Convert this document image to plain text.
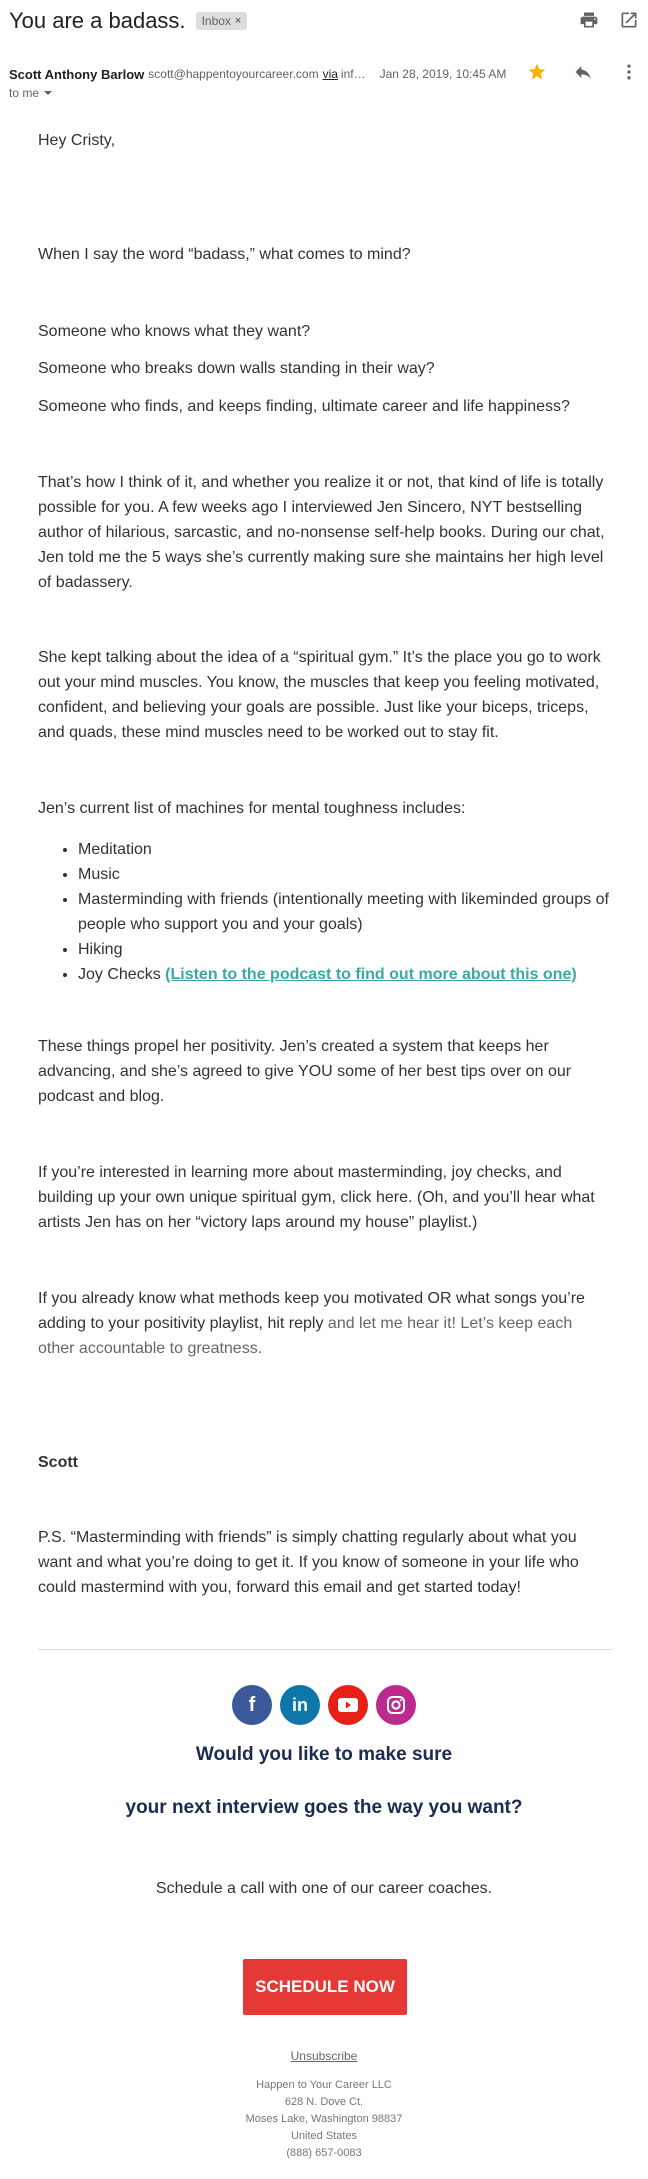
You are a badass. Inbox ×
Scott Anthony Barlow scott@happentoyourcareer.com via inf… Jan 28, 2019, 10:45 AM
to me

Hey Cristy,

When I say the word “badass,” what comes to mind?

Someone who knows what they want?

Someone who breaks down walls standing in their way?

Someone who finds, and keeps finding, ultimate career and life happiness?

That’s how I think of it, and whether you realize it or not, that kind of life is totally possible for you. A few weeks ago I interviewed Jen Sincero, NYT bestselling author of hilarious, sarcastic, and no-nonsense self-help books. During our chat, Jen told me the 5 ways she’s currently making sure she maintains her high level of badassery.

She kept talking about the idea of a “spiritual gym.” It’s the place you go to work out your mind muscles. You know, the muscles that keep you feeling motivated, confident, and believing your goals are possible. Just like your biceps, triceps, and quads, these mind muscles need to be worked out to stay fit.

Jen’s current list of machines for mental toughness includes:

• Meditation
• Music
• Masterminding with friends (intentionally meeting with likeminded groups of people who support you and your goals)
• Hiking
• Joy Checks (Listen to the podcast to find out more about this one)

These things propel her positivity. Jen’s created a system that keeps her advancing, and she’s agreed to give YOU some of her best tips over on our podcast and blog.

If you’re interested in learning more about masterminding, joy checks, and building up your own unique spiritual gym, click here. (Oh, and you’ll hear what artists Jen has on her “victory laps around my house” playlist.)

If you already know what methods keep you motivated OR what songs you’re adding to your positivity playlist, hit reply and let me hear it! Let’s keep each other accountable to greatness.

Scott

P.S. “Masterminding with friends” is simply chatting regularly about what you want and what you’re doing to get it. If you know of someone in your life who could mastermind with you, forward this email and get started today!

f in
Would you like to make sure
your next interview goes the way you want?
Schedule a call with one of our career coaches.
SCHEDULE NOW
Unsubscribe
Happen to Your Career LLC
628 N. Dove Ct.
Moses Lake, Washington 98837
United States
(888) 657-0083
